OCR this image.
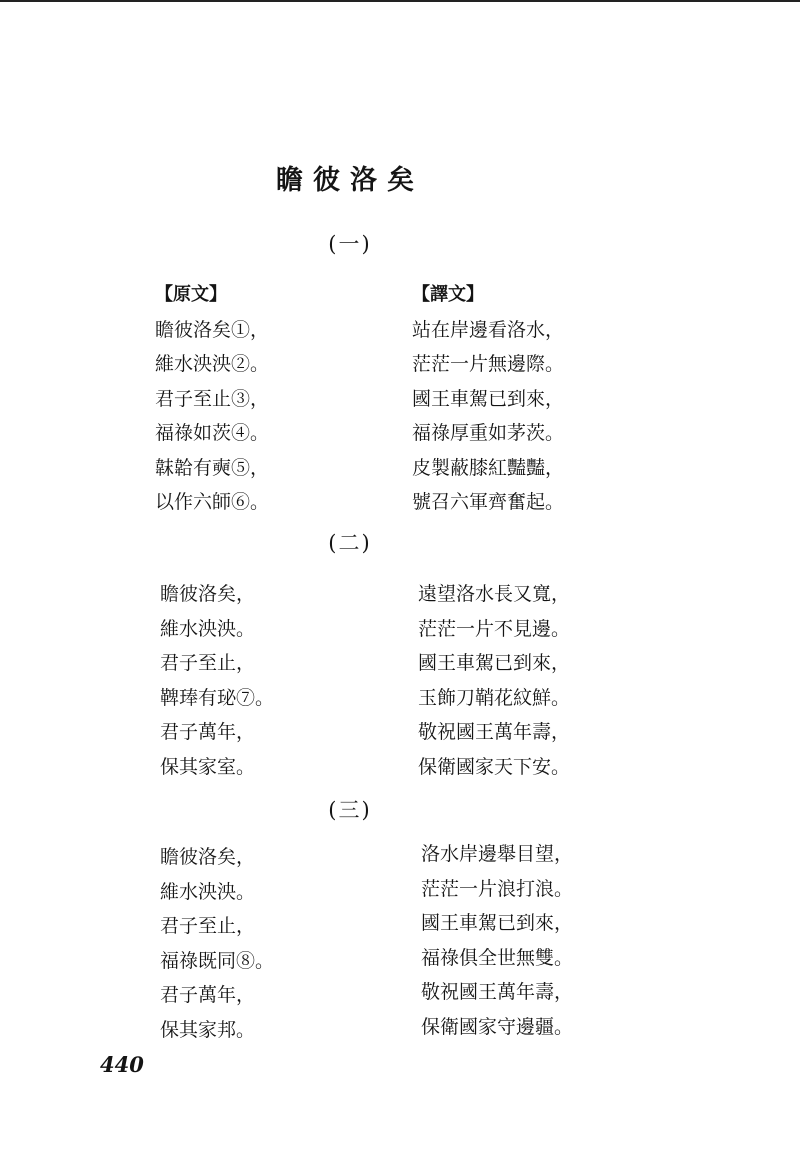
瞻彼洛矣
(一)
【原文】
瞻彼洛矣①，
維水泱泱②。
君子至止③，
福祿如茨④。
韎韐有奭⑤，
以作六師⑥。
【譯文】
站在岸邊看洛水，
茫茫一片無邊際。
國王車駕已到來，
福祿厚重如茅茨。
皮製蔽膝紅豔豔，
號召六軍齊奮起。
(二)
瞻彼洛矣，
維水泱泱。
君子至止，
鞞琫有珌⑦。
君子萬年，
保其家室。
遠望洛水長又寬，
茫茫一片不見邊。
國王車駕已到來，
玉飾刀鞘花紋鮮。
敬祝國王萬年壽，
保衛國家天下安。
(三)
瞻彼洛矣，
維水泱泱。
君子至止，
福祿既同⑧。
君子萬年，
保其家邦。
洛水岸邊舉目望，
茫茫一片浪打浪。
國王車駕已到來，
福祿俱全世無雙。
敬祝國王萬年壽，
保衛國家守邊疆。
440
